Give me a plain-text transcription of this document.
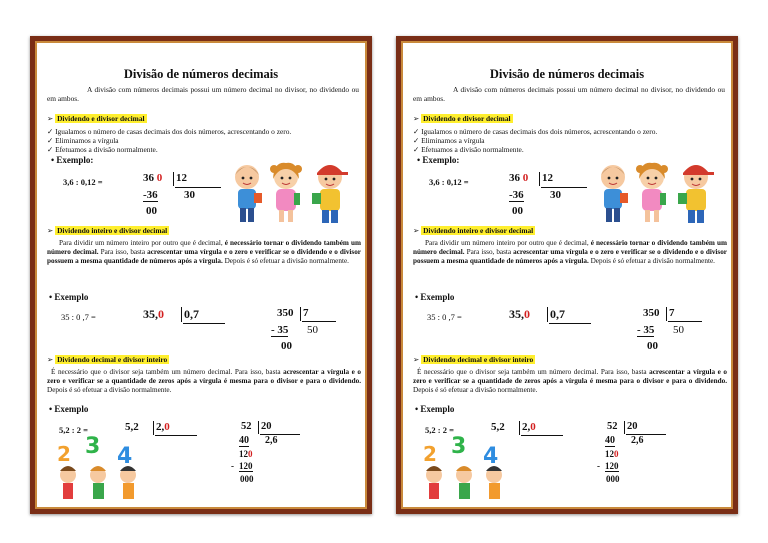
Divisão de números decimais
A divisão com números decimais possui um número decimal no divisor, no dividendo ou em ambos.
➢ Dividendo e divisor decimal
✓ Igualamos o número de casas decimais dos dois números, acrescentando o zero.
✓ Eliminamos a vírgula
✓ Efetuamos a divisão normalmente.
• Exemplo:
3,6 : 0,12 =	36 0 12
-36 30
00
➢ Dividendo inteiro e divisor decimal
Para dividir um número inteiro por outro que é decimal, é necessário tornar o dividendo também um número decimal. Para isso, basta acrescentar uma vírgula e o zero e verificar se o dividendo e o divisor possuem a mesma quantidade de números após a vírgula. Depois é só efetuar a divisão normalmente.
• Exemplo
35 : 0 ,7 =	35,0 0,7	350 7
- 35 50
00
➢ Dividendo decimal e divisor inteiro
É necessário que o divisor seja também um número decimal. Para isso, basta acrescentar a vírgula e o zero e verificar se a quantidade de zeros após a vírgula é mesma para o divisor e para o dividendo. Depois é só efetuar a divisão normalmente.
• Exemplo
5,2 : 2 =	5,2 2,0	52 20
40 2,6
120
- 120
000
2 3 4
Divisão de números decimais
A divisão com números decimais possui um número decimal no divisor, no dividendo ou em ambos.
➢ Dividendo e divisor decimal
✓ Igualamos o número de casas decimais dos dois números, acrescentando o zero.
✓ Eliminamos a vírgula
✓ Efetuamos a divisão normalmente.
• Exemplo:
3,6 : 0,12 =	36 0 12
-36 30
00
➢ Dividendo inteiro e divisor decimal
Para dividir um número inteiro por outro que é decimal, é necessário tornar o dividendo também um número decimal. Para isso, basta acrescentar uma vírgula e o zero e verificar se o dividendo e o divisor possuem a mesma quantidade de números após a vírgula. Depois é só efetuar a divisão normalmente.
• Exemplo
35 : 0 ,7 =	35,0 0,7	350 7
- 35 50
00
➢ Dividendo decimal e divisor inteiro
É necessário que o divisor seja também um número decimal. Para isso, basta acrescentar a vírgula e o zero e verificar se a quantidade de zeros após a vírgula é mesma para o divisor e para o dividendo. Depois é só efetuar a divisão normalmente.
• Exemplo
5,2 : 2 =	5,2 2,0	52 20
40 2,6
120
- 120
000
2 3 4
